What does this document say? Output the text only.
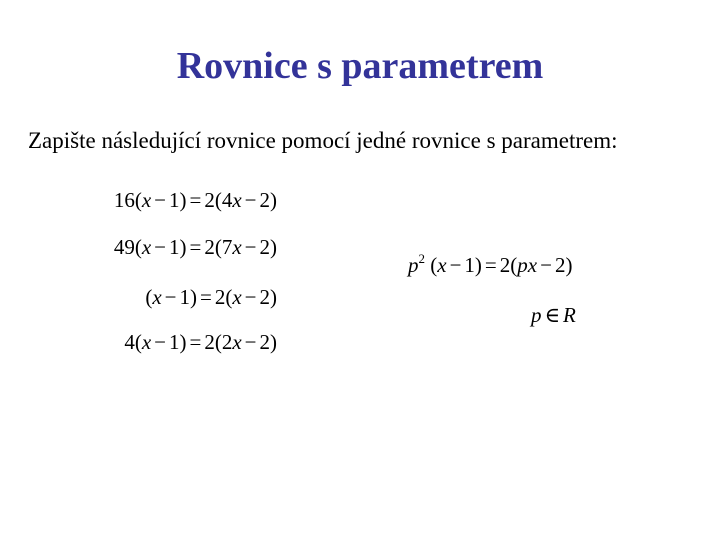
Rovnice s parametrem
Zapište následující rovnice pomocí jedné rovnice s parametrem:
16(x − 1) = 2(4x − 2)
49(x − 1) = 2(7x − 2)
(x − 1) = 2(x − 2)
4(x − 1) = 2(2x − 2)
$p^2$ (x − 1) = 2(px − 2)
p ∈ R
